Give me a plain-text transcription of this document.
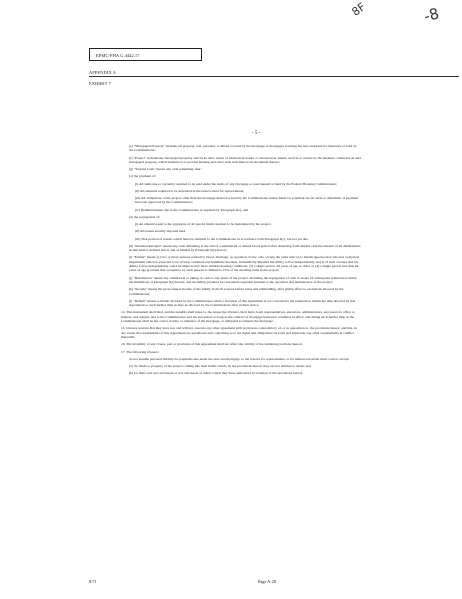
8F	-8
EPMC-FHA G 4442.17
APPENDIX A
EXHIBIT 7
- 5 -

(e) "Mortgaged Property" includes all property, real, personal, or mixed covered by the mortgage or mortgages securing the note endorsed for insurance or held by the Commissioner;

(f) "Project" includes the mortgaged property and all its other assets of whatsoever nature or wheresoever situate, used in or owned by the business conducted on said mortgaged property, which business is to provide housing and other such activities as are incidental thereto;

(g) "Surplus Cash" means any cash remaining after:

(1) the payment of:

(i) All sums due or currently required to be paid under the terms of any mortgage or note insured or held by the Federal Housing Commissioner;

(ii) All amounts required to be deposited in the reserve fund for replacements;

(iii) All obligations of the project other than the mortgage insured or held by the Commissioner unless funds for payment are set aside or deferment of payment has been approved by the Commissioner;

(iv) Reimbursement due to the Commissioner as required by Paragraph 4(c), and

(2) the segregation of:

(i) An amount equal to the aggregate of all special funds required to be maintained by the project,

(ii) All tenant security deposits held,

(iii) That portion of rentals which must be remitted to the Commissioner in accordance with Paragraph 4(c), but not yet due.

(h) "Residual Receipts" means any cash remaining at the end of a semiannual or annual fiscal period after deducting from surplus cash the amount of all distributions as that term is defined below and as limited by Paragraph 6(e) hereof;

(i) "Family" means (1) two or more persons related by blood, marriage, or operation of law, who occupy the same unit; (2) a handicapped person who has a physical impairment which is expected to be of long continued and indefinite duration, substantially impedes his ability to live independently, and is of such a nature that his ability to live independently could be improved by more suitable housing conditions; (3) a single person, 62 years of age or older, or (4) a single person less than 62 years of age provided that occupancy by such persons is limited to 10% of the dwelling units in the project;

(j) "Distribution" means any withdrawal or taking of cash or any assets of the project, including the segregation of cash or assets for subsequent withdrawal within the limitations of Paragraph 6(e) hereof, and excluding payment for reasonable expenses incident to the operation and maintenance of the project;

(k) "Income" means the gross annual income of the family from all sources before taxes and withholding, after giving effect to exclusions allowed by the Commissioner;

(l) "Default" means a default declared by the Commissioner when a violation of this Agreement is not corrected to his satisfaction within the time allowed by this Agreement or such further time as may be allowed by the Commissioner after written notice.

14. This instrument shall bind, and the benefits shall inure to, the respective Owners, their heirs, legal representatives, executors, administrators, successors in office or interest, and assigns, and to the Commissioner and his successors so long as the contract of mortgage insurance continues in effect, and during such further time as the Commissioner shall be the owner, holder, or reinsurer of the mortgage, or obligated to reinsure the mortgage.

15. Owners warrant that they have not, and will not, execute any other agreement with provisions contradictory of, or in opposition to, the provisions hereof, and that, in any event, the requirements of this Agreement are paramount and controlling as to the rights and obligations set forth and supersede any other requirements in conflict therewith.

16. The invalidity of any clause, part or provision of this Agreement shall not affect the validity of the remaining portions thereof.

17. The following Owners:

do not assume personal liability for payments due under the note and mortgage, to the reserve for replacements, or for matters not under their control, except:

(a) for funds or property of the project coming into their hands which, by the provisions hereof, they are not entitled to retain; and

(b) for their own acts and deeds or acts and deeds of others which they have authorized in violation of the provisions hereof.

9/71	Page A-28
